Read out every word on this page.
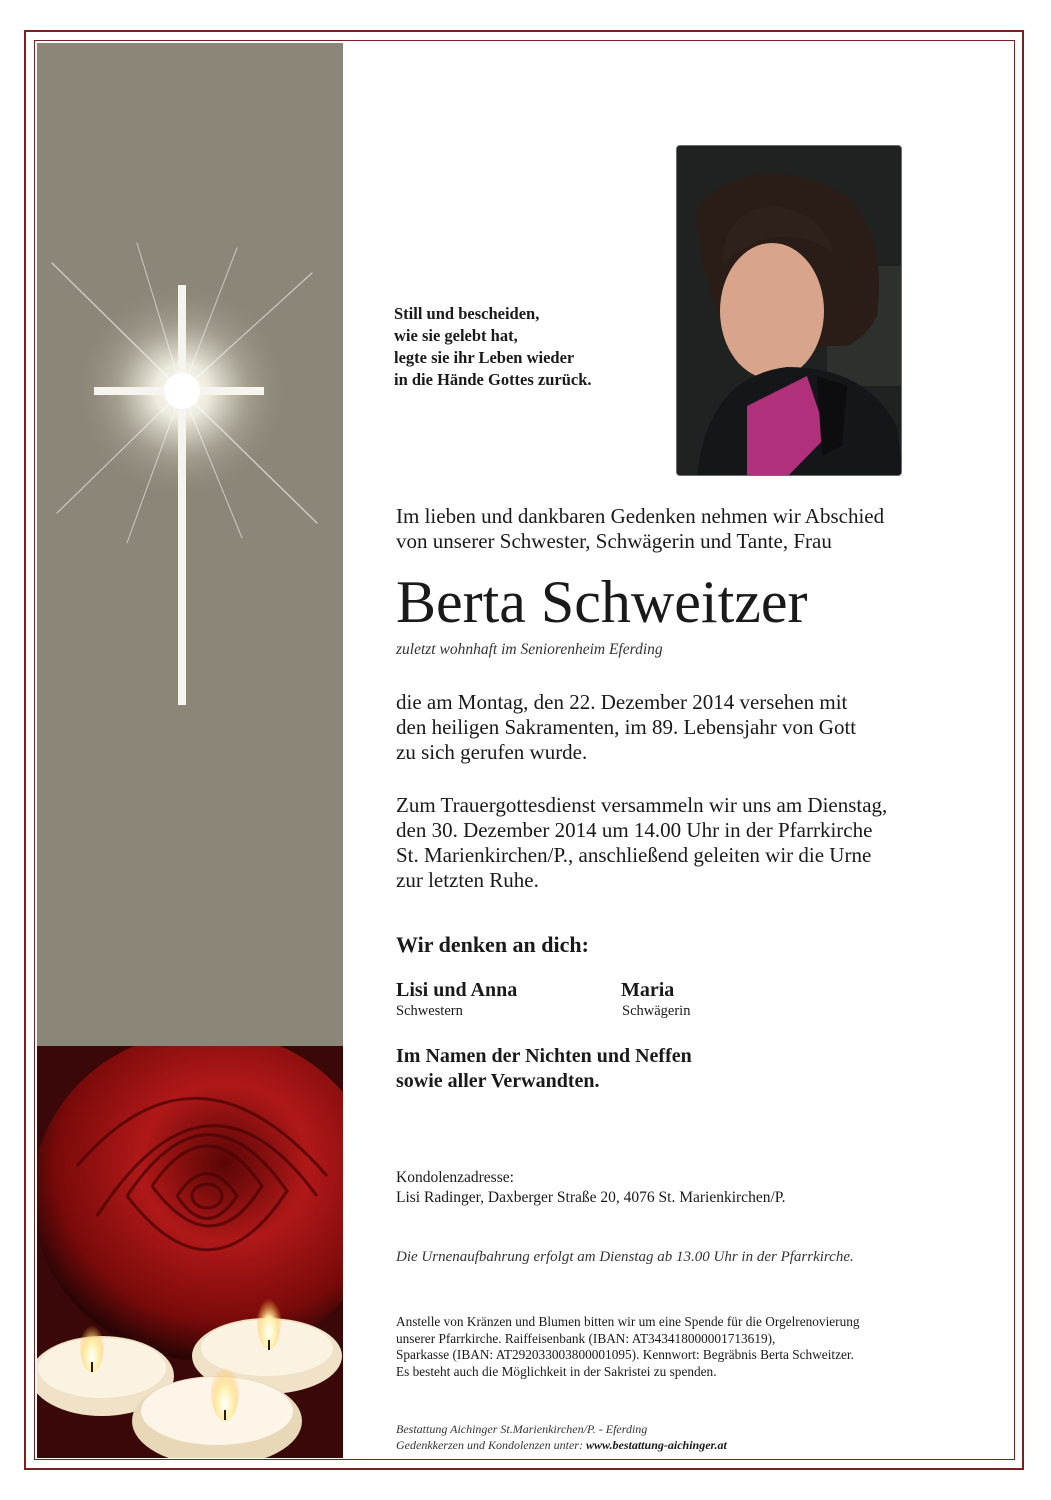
Still und bescheiden,
wie sie gelebt hat,
legte sie ihr Leben wieder
in die Hände Gottes zurück.
Im lieben und dankbaren Gedenken nehmen wir Abschied
von unserer Schwester, Schwägerin und Tante, Frau
Berta Schweitzer
zuletzt wohnhaft im Seniorenheim Eferding
die am Montag, den 22. Dezember 2014 versehen mit
den heiligen Sakramenten, im 89. Lebensjahr von Gott
zu sich gerufen wurde.
Zum Trauergottesdienst versammeln wir uns am Dienstag,
den 30. Dezember 2014 um 14.00 Uhr in der Pfarrkirche
St. Marienkirchen/P., anschließend geleiten wir die Urne
zur letzten Ruhe.
Wir denken an dich:
Lisi und Anna
Schwestern
Maria
Schwägerin
Im Namen der Nichten und Neffen
sowie aller Verwandten.
Kondolenzadresse:
Lisi Radinger, Daxberger Straße 20, 4076 St. Marienkirchen/P.
Die Urnenaufbahrung erfolgt am Dienstag ab 13.00 Uhr in der Pfarrkirche.
Anstelle von Kränzen und Blumen bitten wir um eine Spende für die Orgelrenovierung
unserer Pfarrkirche. Raiffeisenbank (IBAN: AT343418000001713619),
Sparkasse (IBAN: AT292033003800001095). Kennwort: Begräbnis Berta Schweitzer.
Es besteht auch die Möglichkeit in der Sakristei zu spenden.
Bestattung Aichinger St.Marienkirchen/P. - Eferding
Gedenkkerzen und Kondolenzen unter: www.bestattung-aichinger.at
